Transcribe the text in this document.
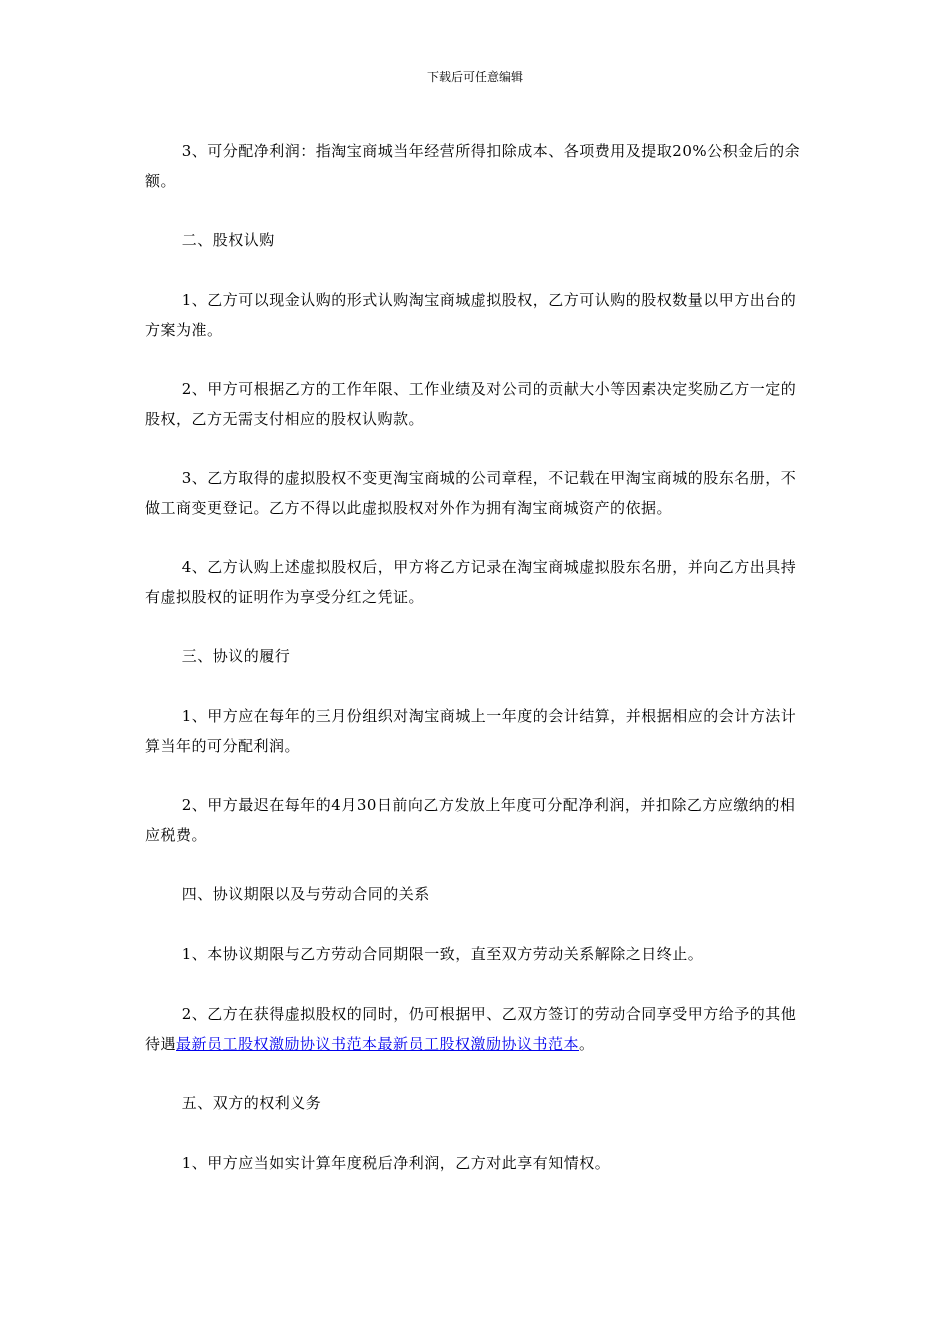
下载后可任意编辑

3、可分配净利润：指淘宝商城当年经营所得扣除成本、各项费用及提取20%公积金后的余额。

二、股权认购

1、乙方可以现金认购的形式认购淘宝商城虚拟股权，乙方可认购的股权数量以甲方出台的方案为准。

2、甲方可根据乙方的工作年限、工作业绩及对公司的贡献大小等因素决定奖励乙方一定的股权，乙方无需支付相应的股权认购款。

3、乙方取得的虚拟股权不变更淘宝商城的公司章程，不记载在甲淘宝商城的股东名册，不做工商变更登记。乙方不得以此虚拟股权对外作为拥有淘宝商城资产的依据。

4、乙方认购上述虚拟股权后，甲方将乙方记录在淘宝商城虚拟股东名册，并向乙方出具持有虚拟股权的证明作为享受分红之凭证。

三、协议的履行

1、甲方应在每年的三月份组织对淘宝商城上一年度的会计结算，并根据相应的会计方法计算当年的可分配利润。

2、甲方最迟在每年的4月30日前向乙方发放上年度可分配净利润，并扣除乙方应缴纳的相应税费。

四、协议期限以及与劳动合同的关系

1、本协议期限与乙方劳动合同期限一致，直至双方劳动关系解除之日终止。

2、乙方在获得虚拟股权的同时，仍可根据甲、乙双方签订的劳动合同享受甲方给予的其他待遇最新员工股权激励协议书范本最新员工股权激励协议书范本。

五、双方的权利义务

1、甲方应当如实计算年度税后净利润，乙方对此享有知情权。
